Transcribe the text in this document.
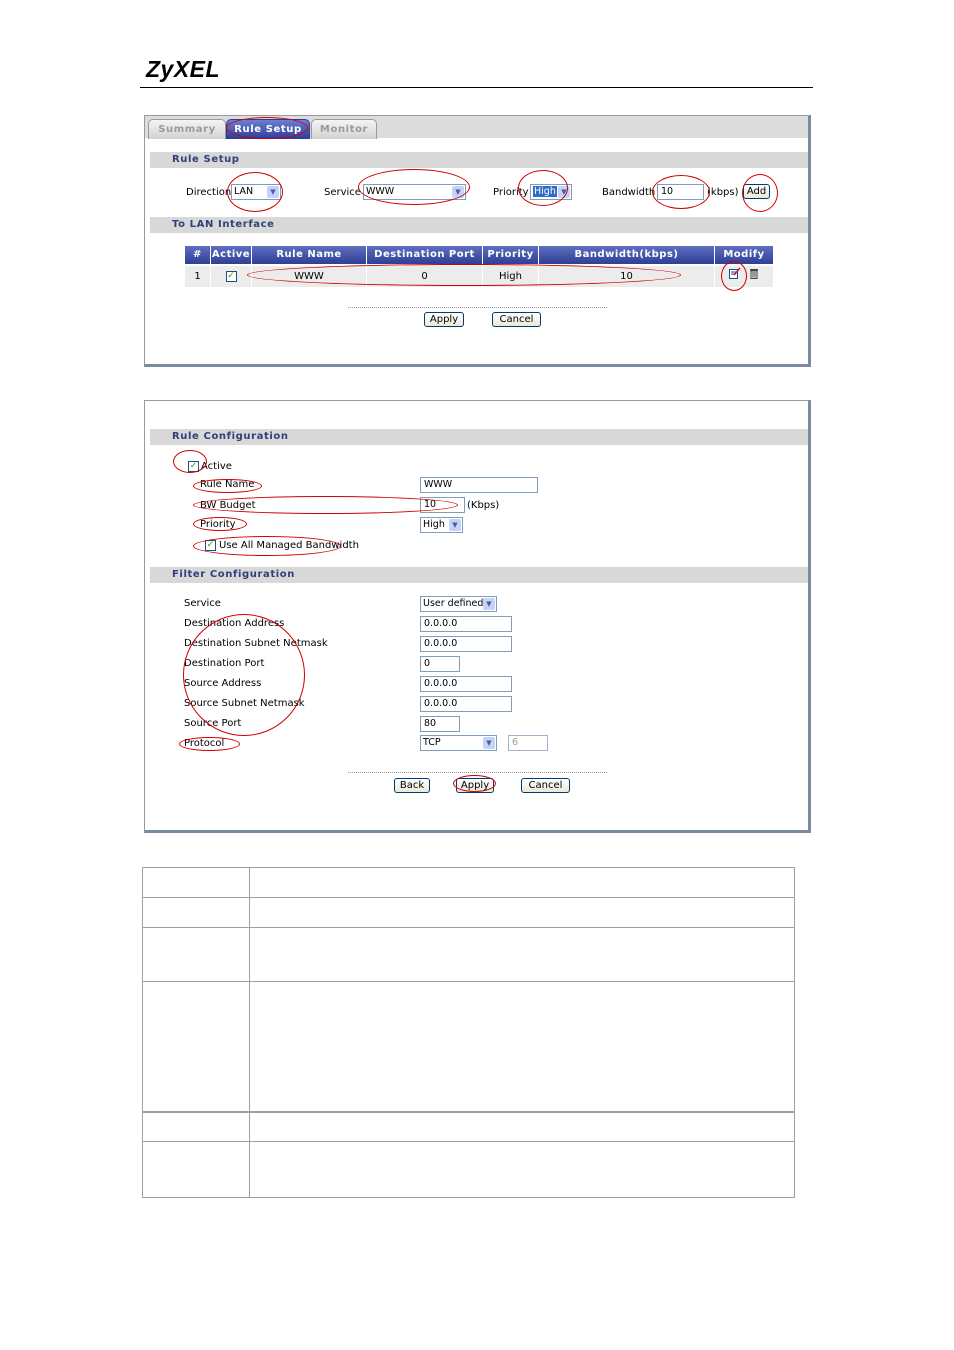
ZyXEL
Summary	Rule Setup	Monitor
Rule Setup
Direction LAN	▼	Service WWW	▼	Priority High ▼	Bandwidth 10	(kbps) Add
To LAN Interface
# Active	Rule Name	Destination Port	Priority	Bandwidth(kbps)	Modify
1	✓	WWW	0	High	10

Apply	Cancel
Rule Configuration
✓ Active
Rule Name	WWW
BW Budget	10	(Kbps)
Priority	High	▼
✓ Use All Managed Bandwidth
Filter Configuration
Service	User defined ▼
Destination Address	0.0.0.0
Destination Subnet Netmask	0.0.0.0
Destination Port	0
Source Address	0.0.0.0
Source Subnet Netmask	0.0.0.0
Source Port	80
Protocol	TCP	▼	6
Back	Apply	Cancel
